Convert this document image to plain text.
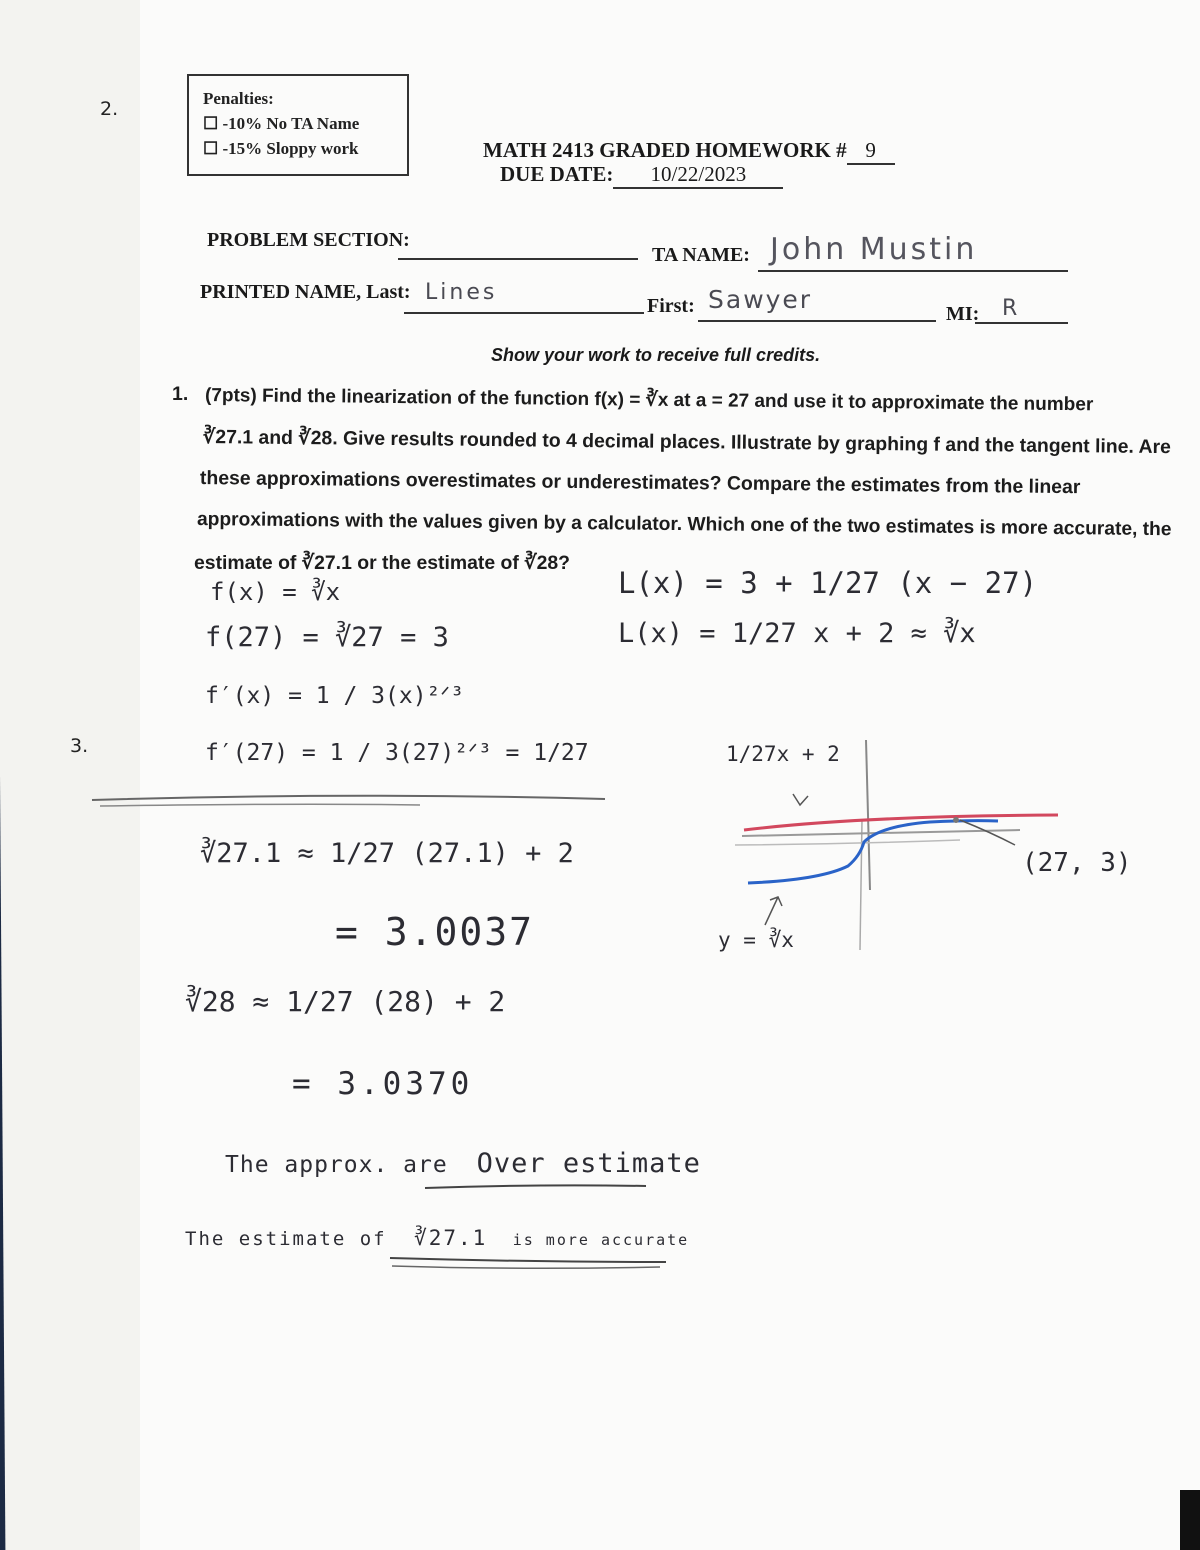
2.
3.
Penalties:
☐ -10% No TA Name
☐ -15% Sloppy work	MATH 2413 GRADED HOMEWORK # 9
DUE DATE: 10/22/2023
PROBLEM SECTION:
TA NAME: John Mustin
PRINTED NAME, Last: Lines
First: Sawyer	MI: R
Show your work to receive full credits.
1. (7pts) Find the linearization of the function f(x) = ∛x at a = 27 and use it to approximate the number
∛27.1 and ∛28. Give results rounded to 4 decimal places. Illustrate by graphing f and the tangent line. Are
these approximations overestimates or underestimates? Compare the estimates from the linear
approximations with the values given by a calculator. Which one of the two estimates is more accurate, the
estimate of ∛27.1 or the estimate of ∛28?
f(x) = ∛x
f(27) = ∛27 = 3
f′(x) = 1 / 3(x)²ᐟ³
f′(27) = 1 / 3(27)²ᐟ³ = 1/27
L(x) = 3 + 1/27 (x − 27)
L(x) = 1/27 x + 2 ≈ ∛x
∛27.1 ≈ 1/27 (27.1) + 2
= 3.0037
∛28 ≈ 1/27 (28) + 2
= 3.0370
The approx. are Over estimate
The estimate of ∛27.1 is more accurate
1/27x + 2
y = ∛x
(27, 3)
